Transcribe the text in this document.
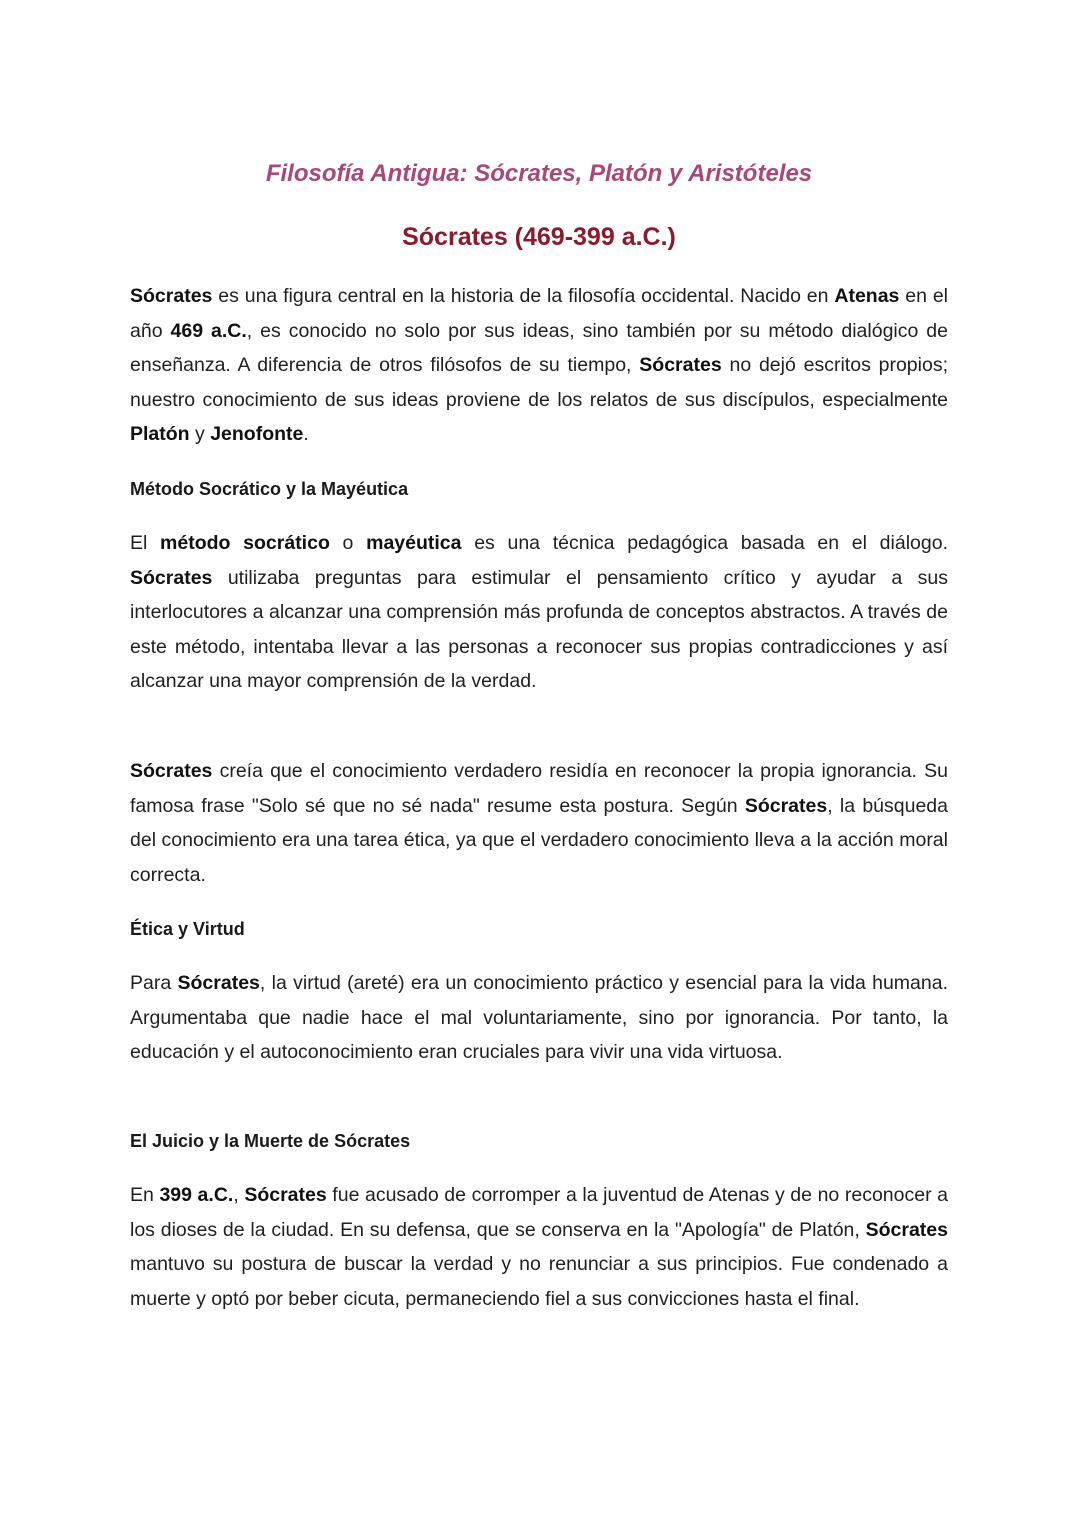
Filosofía Antigua: Sócrates, Platón y Aristóteles
Sócrates (469-399 a.C.)

Sócrates es una figura central en la historia de la filosofía occidental. Nacido en Atenas en el año 469 a.C., es conocido no solo por sus ideas, sino también por su método dialógico de enseñanza. A diferencia de otros filósofos de su tiempo, Sócrates no dejó escritos propios; nuestro conocimiento de sus ideas proviene de los relatos de sus discípulos, especialmente Platón y Jenofonte.

Método Socrático y la Mayéutica

El método socrático o mayéutica es una técnica pedagógica basada en el diálogo. Sócrates utilizaba preguntas para estimular el pensamiento crítico y ayudar a sus interlocutores a alcanzar una comprensión más profunda de conceptos abstractos. A través de este método, intentaba llevar a las personas a reconocer sus propias contradicciones y así alcanzar una mayor comprensión de la verdad.

Sócrates creía que el conocimiento verdadero residía en reconocer la propia ignorancia. Su famosa frase "Solo sé que no sé nada" resume esta postura. Según Sócrates, la búsqueda del conocimiento era una tarea ética, ya que el verdadero conocimiento lleva a la acción moral correcta.

Ética y Virtud

Para Sócrates, la virtud (areté) era un conocimiento práctico y esencial para la vida humana. Argumentaba que nadie hace el mal voluntariamente, sino por ignorancia. Por tanto, la educación y el autoconocimiento eran cruciales para vivir una vida virtuosa.

El Juicio y la Muerte de Sócrates

En 399 a.C., Sócrates fue acusado de corromper a la juventud de Atenas y de no reconocer a los dioses de la ciudad. En su defensa, que se conserva en la "Apología" de Platón, Sócrates mantuvo su postura de buscar la verdad y no renunciar a sus principios. Fue condenado a muerte y optó por beber cicuta, permaneciendo fiel a sus convicciones hasta el final.
